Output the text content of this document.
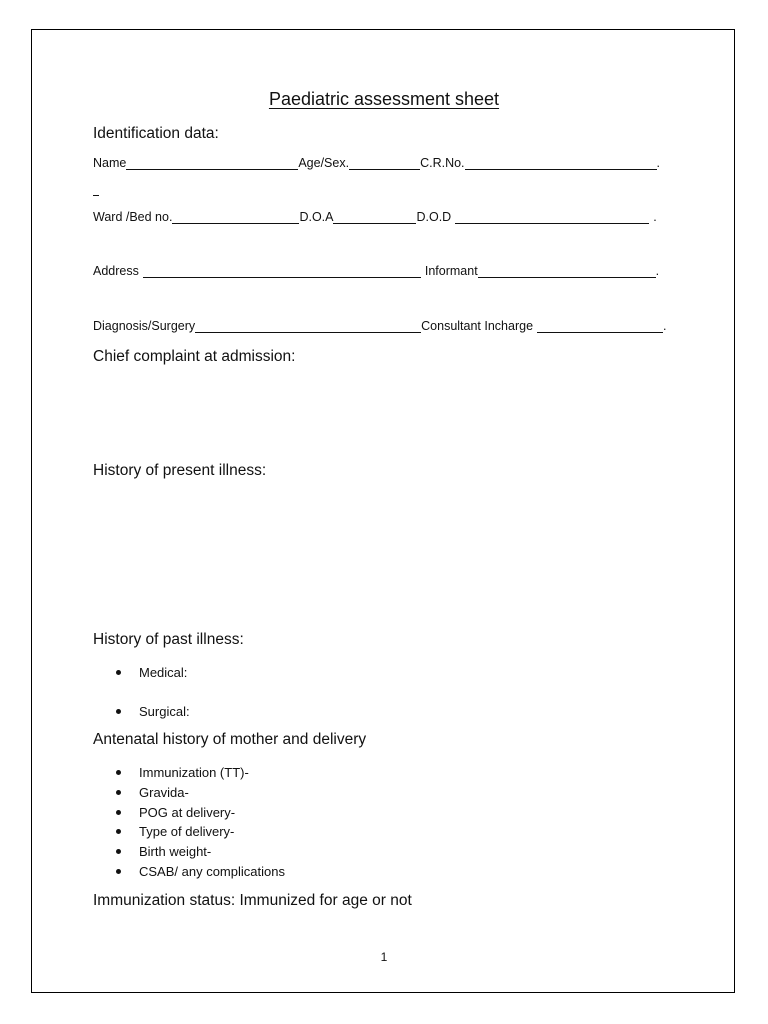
Paediatric assessment sheet
Identification data:
Name	Age/Sex.	C.R.No.	.
Ward /Bed no.	D.O.A	D.O.D	.
Address	Informant	.
Diagnosis/Surgery	Consultant Incharge	.
Chief complaint at admission:
History of present illness:
History of past illness:
Medical:
Surgical:
Antenatal history of mother and delivery
Immunization (TT)-
Gravida-
POG at delivery-
Type of delivery-
Birth weight-
CSAB/ any complications
Immunization status: Immunized for age or not
1
